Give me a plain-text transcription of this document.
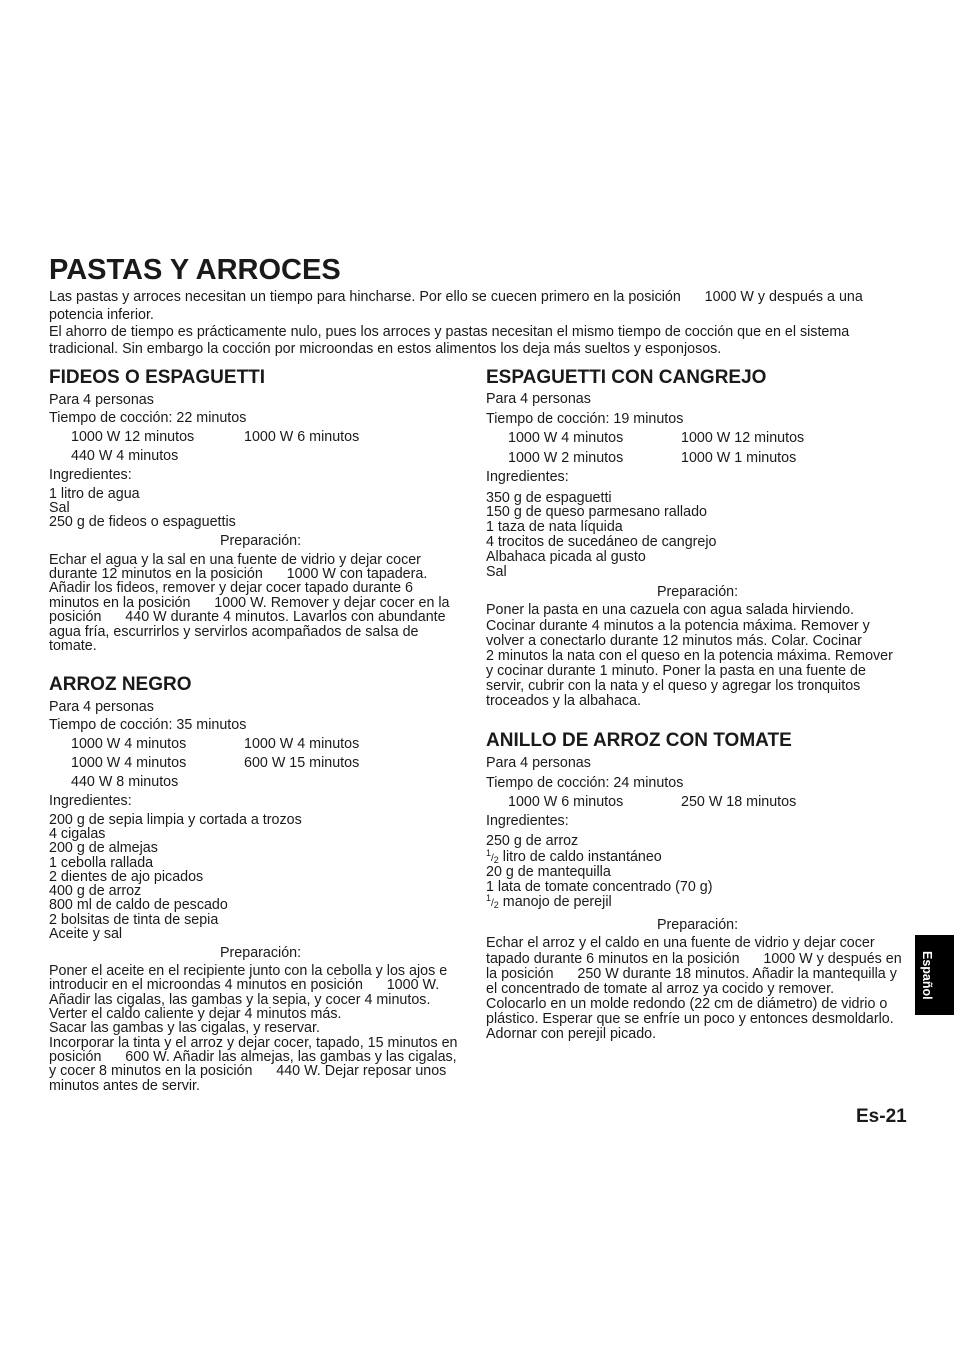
PASTAS Y ARROCES
Las pastas y arroces necesitan un tiempo para hincharse. Por ello se cuecen primero en la posición      1000 W y después a una
potencia inferior.
El ahorro de tiempo es prácticamente nulo, pues los arroces y pastas necesitan el mismo tiempo de cocción que en el sistema
tradicional. Sin embargo la cocción por microondas en estos alimentos los deja más sueltos y esponjosos.
FIDEOS O ESPAGUETTI
Para 4 personas
Tiempo de cocción: 22 minutos
1000 W 12 minutos	1000 W 6 minutos
440 W 4 minutos
Ingredientes:
1 litro de agua
Sal
250 g de fideos o espaguettis
Preparación:
Echar el agua y la sal en una fuente de vidrio y dejar cocer
durante 12 minutos en la posición      1000 W con tapadera.
Añadir los fideos, remover y dejar cocer tapado durante 6
minutos en la posición      1000 W. Remover y dejar cocer en la
posición      440 W durante 4 minutos. Lavarlos con abundante
agua fría, escurrirlos y servirlos acompañados de salsa de
tomate.
ARROZ NEGRO
Para 4 personas
Tiempo de cocción: 35 minutos
1000 W 4 minutos	1000 W 4 minutos
1000 W 4 minutos	600 W 15 minutos
440 W 8 minutos
Ingredientes:
200 g de sepia limpia y cortada a trozos
4 cigalas
200 g de almejas
1 cebolla rallada
2 dientes de ajo picados
400 g de arroz
800 ml de caldo de pescado
2 bolsitas de tinta de sepia
Aceite y sal
Preparación:
Poner el aceite en el recipiente junto con la cebolla y los ajos e
introducir en el microondas 4 minutos en posición      1000 W.
Añadir las cigalas, las gambas y la sepia, y cocer 4 minutos.
Verter el caldo caliente y dejar 4 minutos más.
Sacar las gambas y las cigalas, y reservar.
Incorporar la tinta y el arroz y dejar cocer, tapado, 15 minutos en
posición      600 W. Añadir las almejas, las gambas y las cigalas,
y cocer 8 minutos en la posición      440 W. Dejar reposar unos
minutos antes de servir.
ESPAGUETTI CON CANGREJO
Para 4 personas
Tiempo de cocción: 19 minutos
1000 W 4 minutos	1000 W 12 minutos
1000 W 2 minutos	1000 W 1 minutos
Ingredientes:
350 g de espaguetti
150 g de queso parmesano rallado
1 taza de nata líquida
4 trocitos de sucedáneo de cangrejo
Albahaca picada al gusto
Sal
Preparación:
Poner la pasta en una cazuela con agua salada hirviendo.
Cocinar durante 4 minutos a la potencia máxima. Remover y
volver a conectarlo durante 12 minutos más. Colar. Cocinar
2 minutos la nata con el queso en la potencia máxima. Remover
y cocinar durante 1 minuto. Poner la pasta en una fuente de
servir, cubrir con la nata y el queso y agregar los tronquitos
troceados y la albahaca.
ANILLO DE ARROZ CON TOMATE
Para 4 personas
Tiempo de cocción: 24 minutos
1000 W 6 minutos	250 W 18 minutos
Ingredientes:
250 g de arroz
$^1$/2 litro de caldo instantáneo
20 g de mantequilla
1 lata de tomate concentrado (70 g)
$^1$/2 manojo de perejil
Preparación:
Echar el arroz y el caldo en una fuente de vidrio y dejar cocer
tapado durante 6 minutos en la posición      1000 W y después en
la posición      250 W durante 18 minutos. Añadir la mantequilla y
el concentrado de tomate al arroz ya cocido y remover.
Colocarlo en un molde redondo (22 cm de diámetro) de vidrio o
plástico. Esperar que se enfríe un poco y entonces desmoldarlo.
Adornar con perejil picado.
Español
Es-21
